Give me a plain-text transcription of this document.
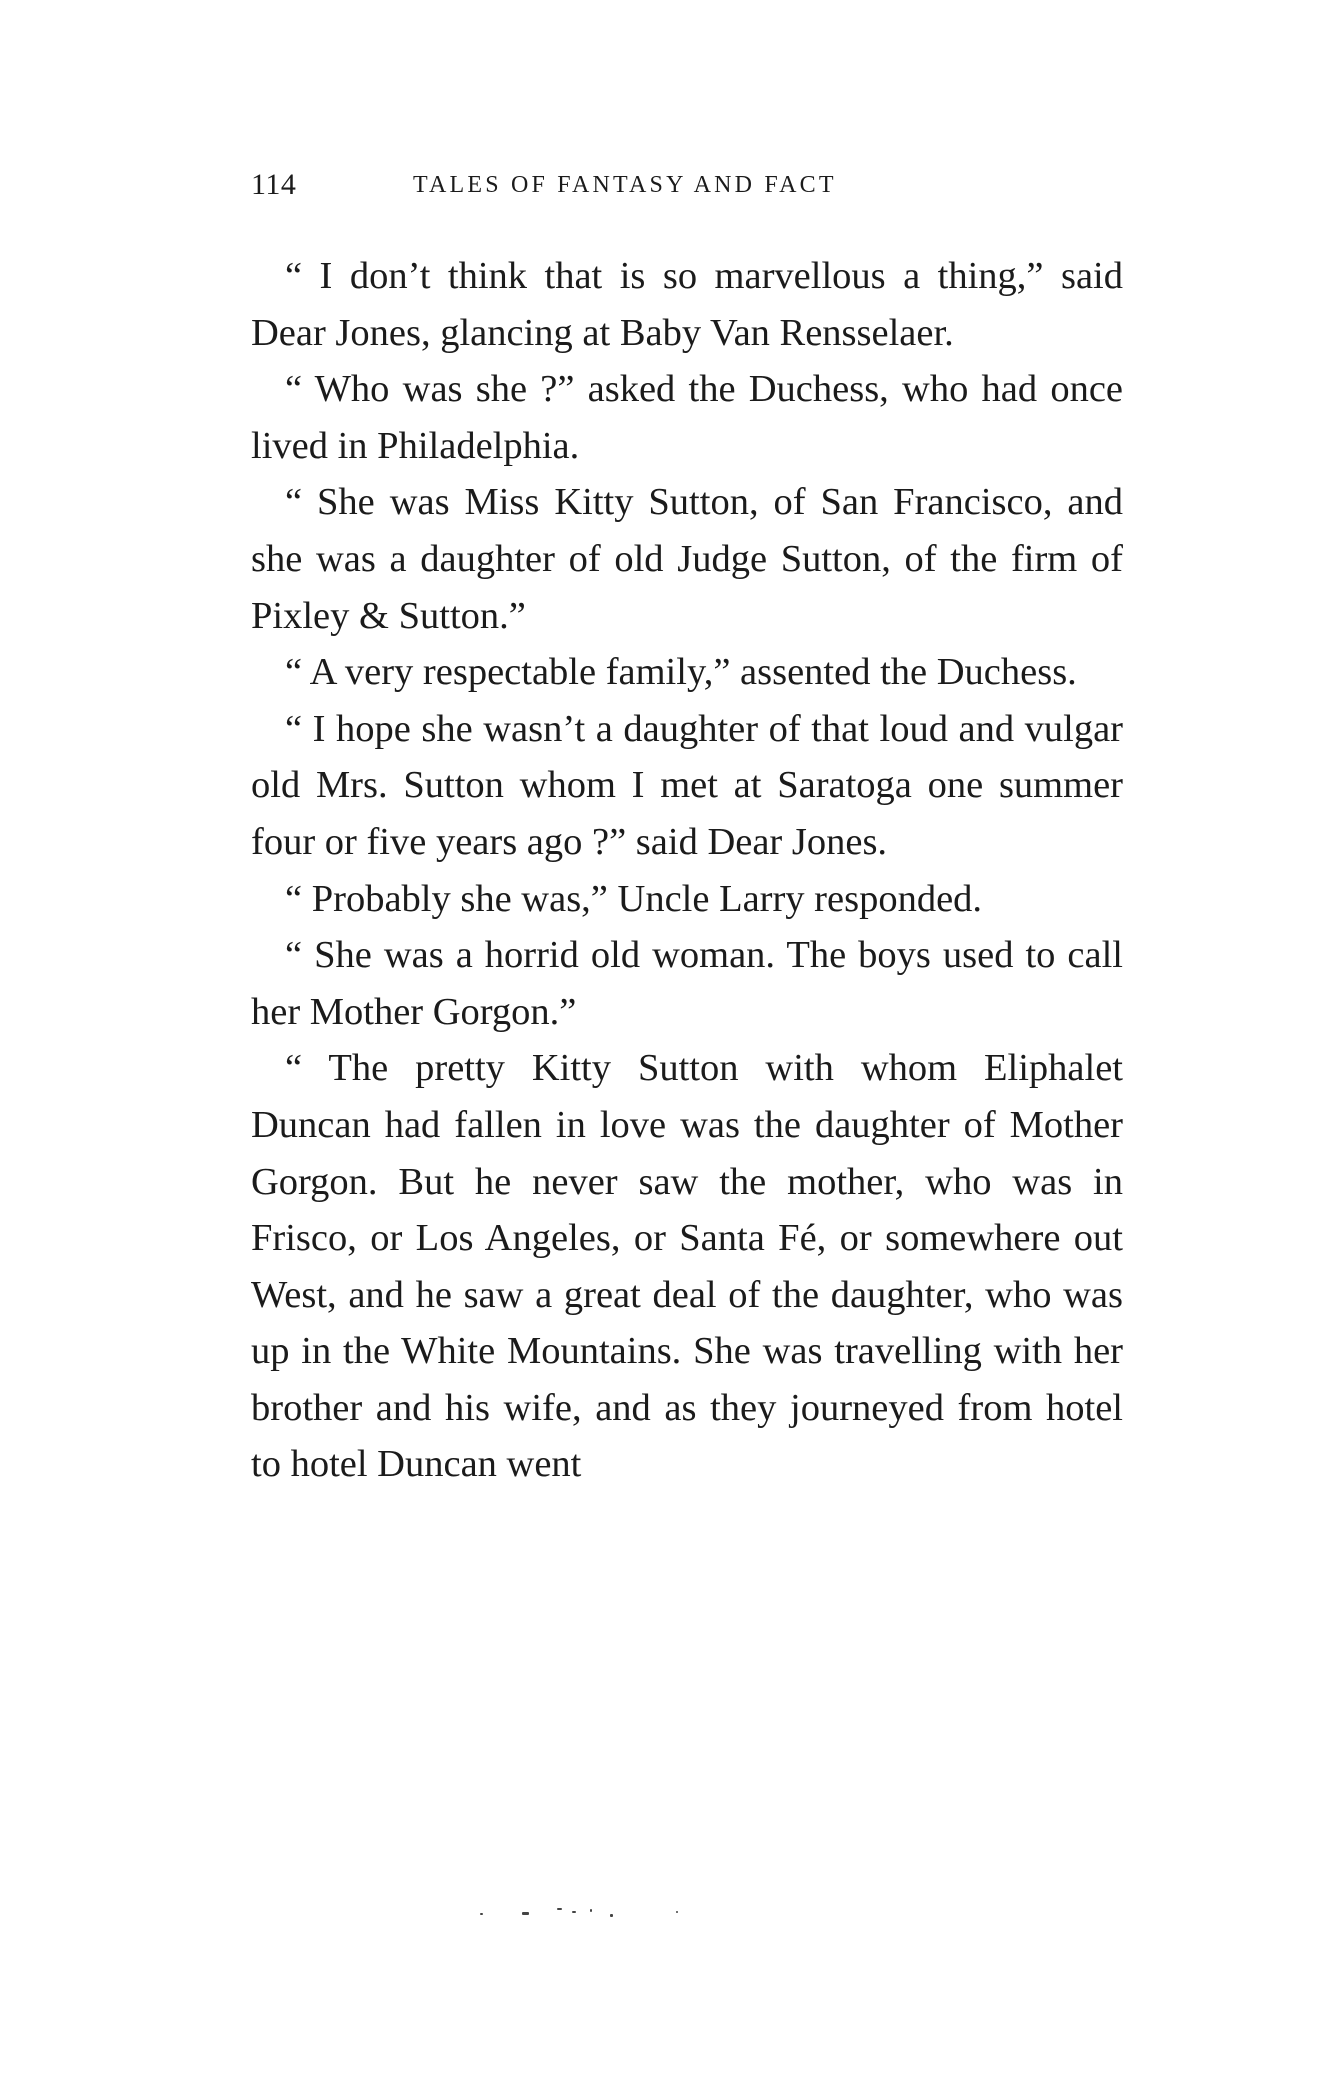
114	TALES OF FANTASY AND FACT

“ I don’t think that is so marvellous a thing,” said Dear Jones, glancing at Baby Van Rensselaer.

“ Who was she ?” asked the Duchess, who had once lived in Philadelphia.

“ She was Miss Kitty Sutton, of San Francisco, and she was a daughter of old Judge Sutton, of the firm of Pixley & Sutton.”

“ A very respectable family,” assented the Duchess.

“ I hope she wasn’t a daughter of that loud and vulgar old Mrs. Sutton whom I met at Saratoga one summer four or five years ago ?” said Dear Jones.

“ Probably she was,” Uncle Larry responded.

“ She was a horrid old woman. The boys used to call her Mother Gorgon.”

“ The pretty Kitty Sutton with whom Eliphalet Duncan had fallen in love was the daughter of Mother Gorgon. But he never saw the mother, who was in Frisco, or Los Angeles, or Santa Fé, or somewhere out West, and he saw a great deal of the daughter, who was up in the White Mountains. She was travelling with her brother and his wife, and as they journeyed from hotel to hotel Duncan went
